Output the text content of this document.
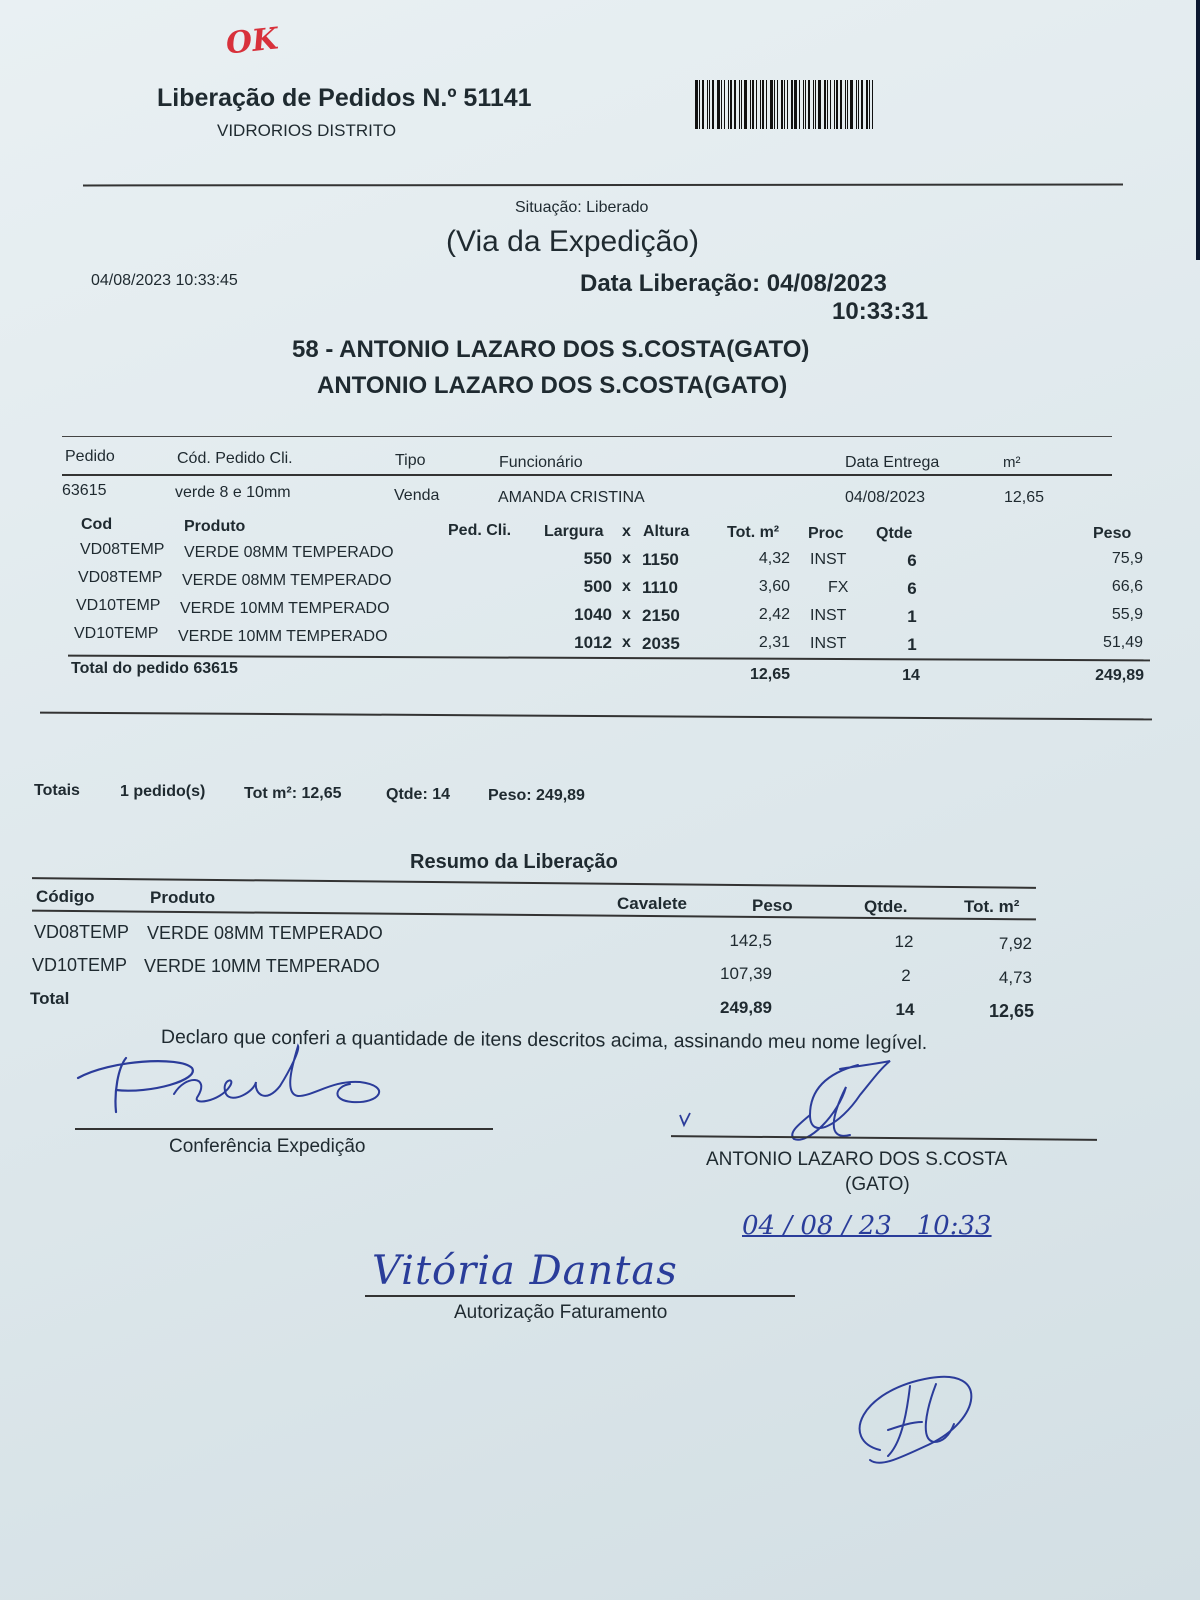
OK
Liberação de Pedidos N.º 51141
VIDRORIOS DISTRITO
Situação: Liberado
(Via da Expedição)
04/08/2023 10:33:45	Data Liberação: 04/08/2023
10:33:31
58 - ANTONIO LAZARO DOS S.COSTA(GATO)
ANTONIO LAZARO DOS S.COSTA(GATO)
Pedido	Cód. Pedido Cli.	Tipo	Funcionário	Data Entrega	m²
63615	verde 8 e 10mm	Venda	AMANDA CRISTINA	04/08/2023	12,65
Cod	Produto	Ped. Cli. Largura x Altura Tot. m² Proc Qtde	Peso
VD08TEMP VERDE 08MM TEMPERADO	550 x 1150	4,32 INST	6	75,9
VD08TEMP VERDE 08MM TEMPERADO	500 x 1110	3,60 FX	6	66,6
VD10TEMP VERDE 10MM TEMPERADO	1040 x 2150	2,42 INST	1	55,9
VD10TEMP VERDE 10MM TEMPERADO	1012 x 2035	2,31 INST	1	51,49
Total do pedido 63615	12,65	14	249,89
Totais	1 pedido(s) Tot m²: 12,65	Qtde: 14 Peso: 249,89
Resumo da Liberação
Código	Produto	Cavalete	Peso	Qtde.	Tot. m²
VD08TEMP VERDE 08MM TEMPERADO	142,5	12	7,92
VD10TEMP VERDE 10MM TEMPERADO	107,39	2	4,73
Total	249,89	14	12,65
Declaro que conferi a quantidade de itens descritos acima, assinando meu nome legível.
Conferência Expedição
ANTONIO LAZARO DOS S.COSTA
(GATO)
04 / 08 / 23   10:33
Vitória Dantas
Autorização Faturamento
